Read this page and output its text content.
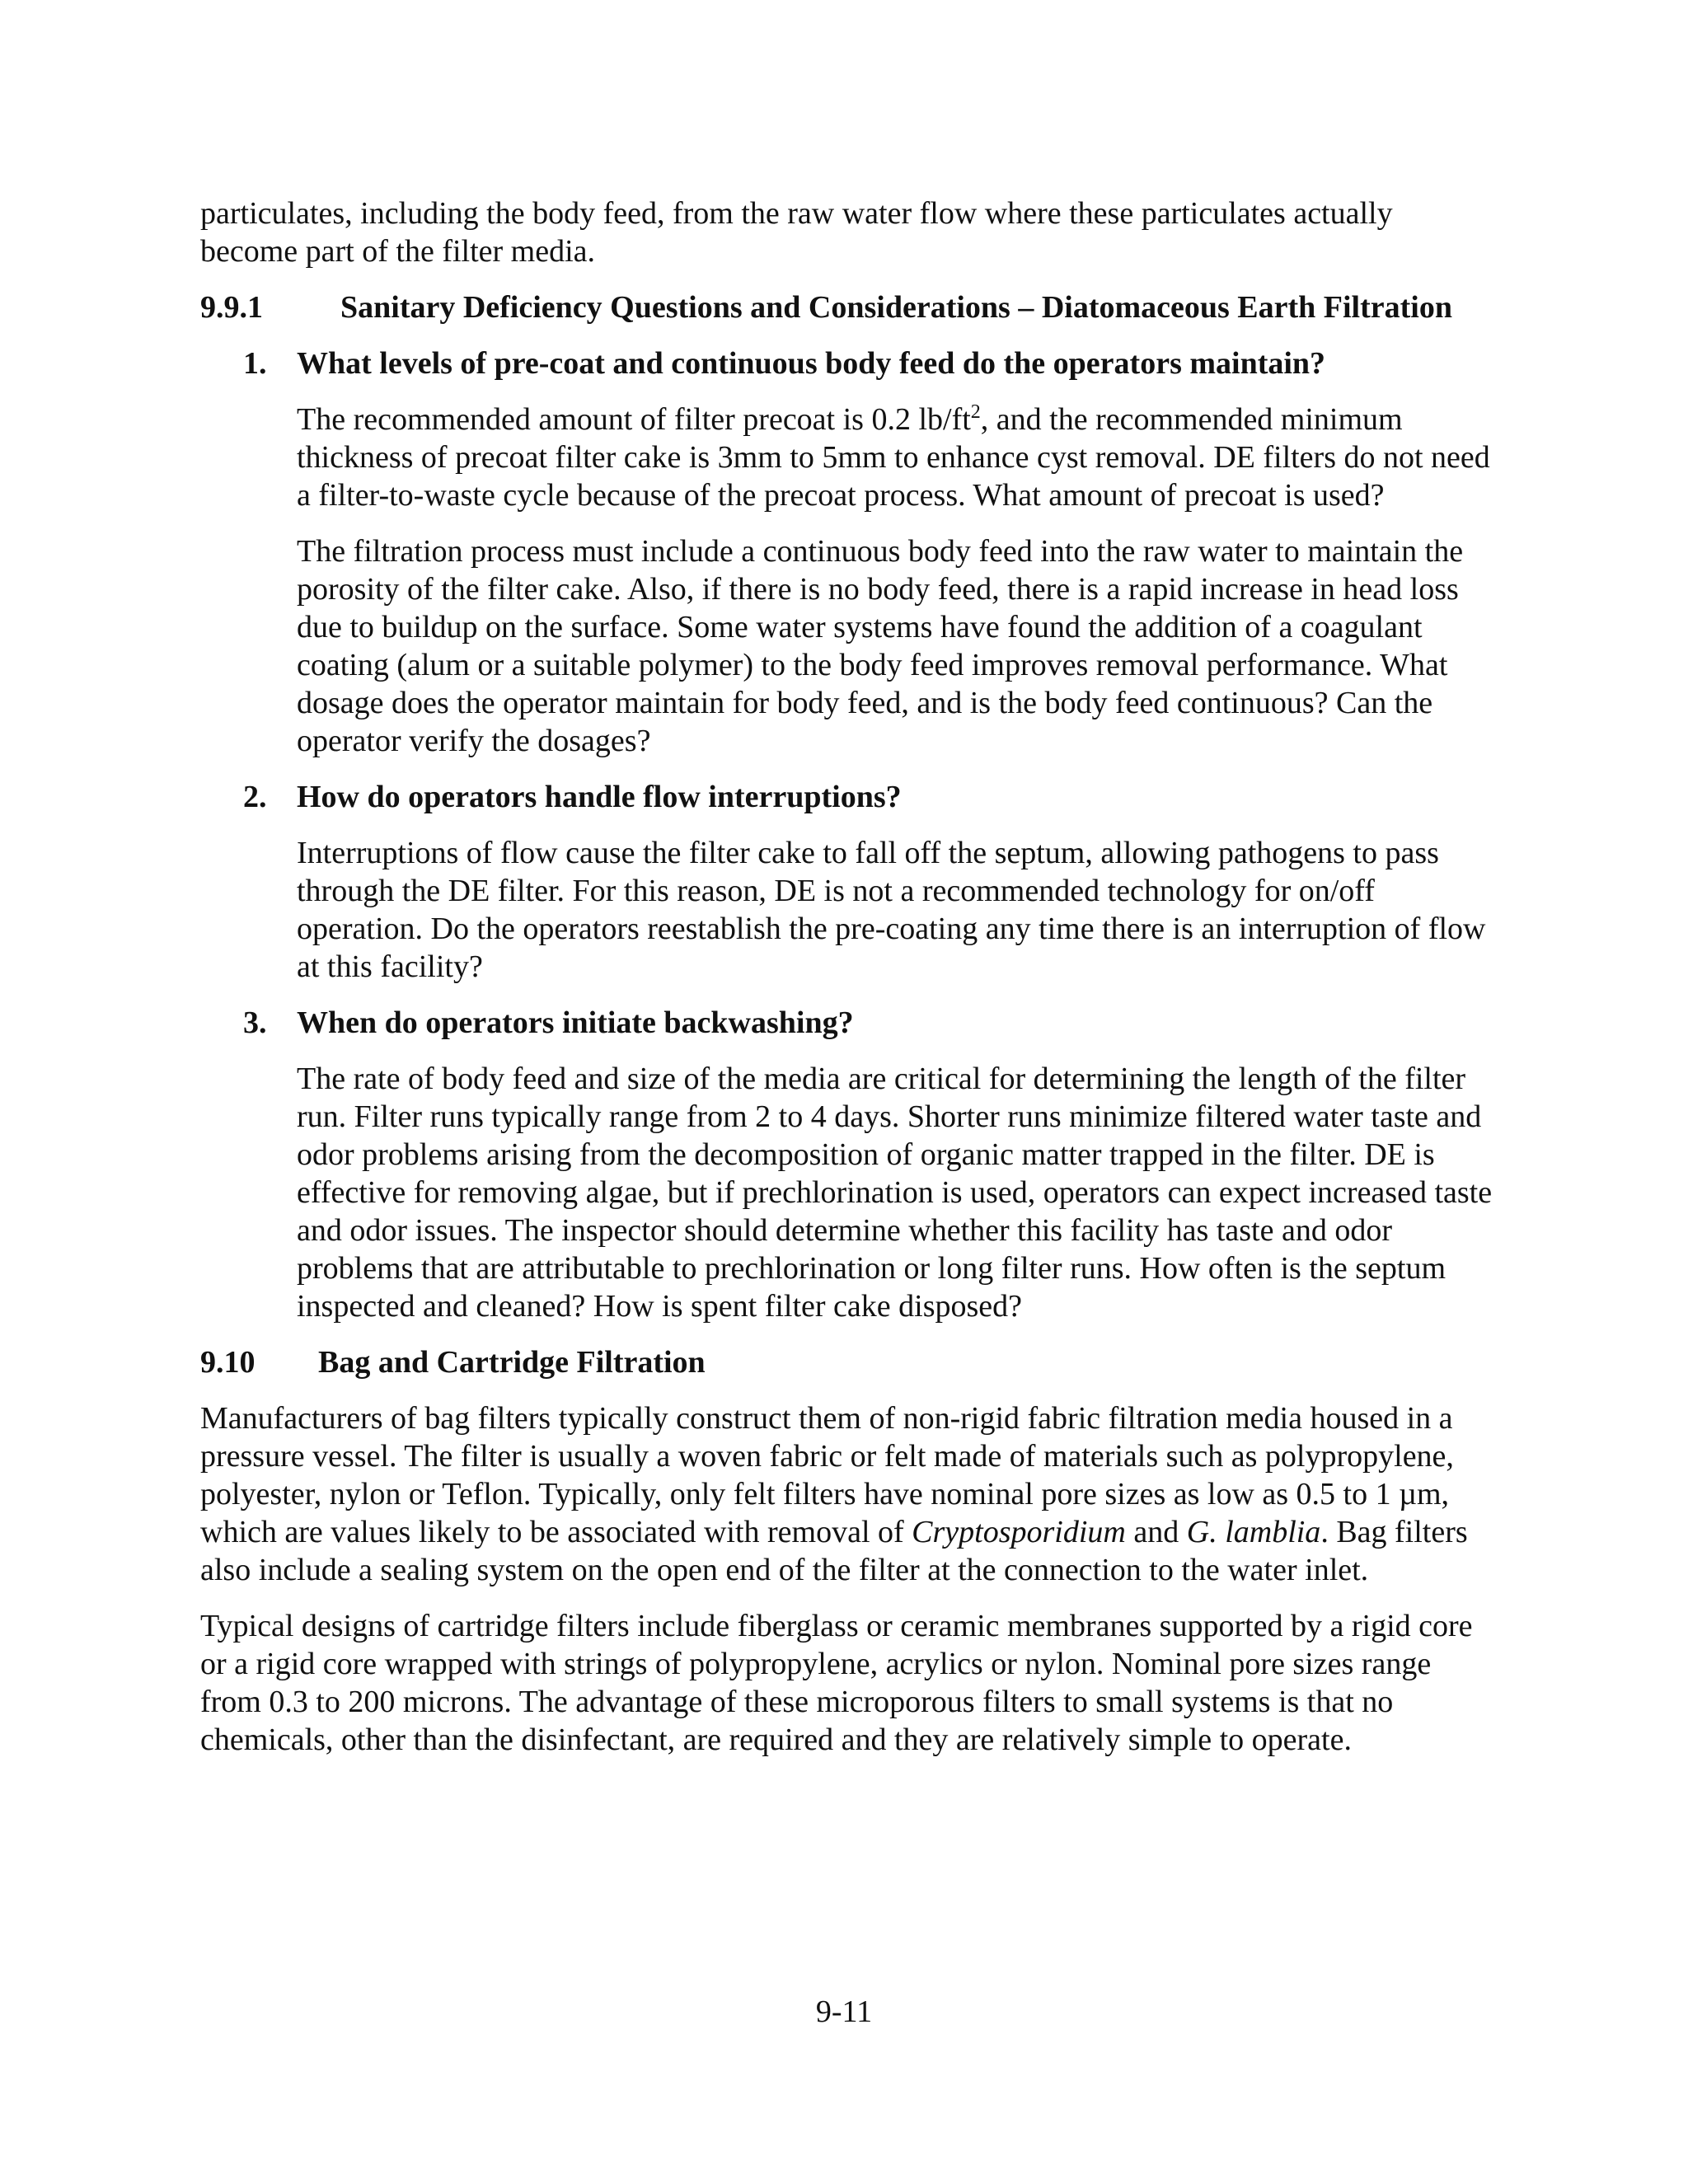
particulates, including the body feed, from the raw water flow where these particulates actually become part of the filter media.

9.9.1	Sanitary Deficiency Questions and Considerations – Diatomaceous Earth Filtration
1. What levels of pre-coat and continuous body feed do the operators maintain?

The recommended amount of filter precoat is 0.2 $lb/ft^2$, and the recommended minimum thickness of precoat filter cake is 3mm to 5mm to enhance cyst removal. DE filters do not need a filter-to-waste cycle because of the precoat process. What amount of precoat is used?

The filtration process must include a continuous body feed into the raw water to maintain the porosity of the filter cake. Also, if there is no body feed, there is a rapid increase in head loss due to buildup on the surface. Some water systems have found the addition of a coagulant coating (alum or a suitable polymer) to the body feed improves removal performance. What dosage does the operator maintain for body feed, and is the body feed continuous? Can the operator verify the dosages?

2. How do operators handle flow interruptions?

Interruptions of flow cause the filter cake to fall off the septum, allowing pathogens to pass through the DE filter. For this reason, DE is not a recommended technology for on/off operation. Do the operators reestablish the pre-coating any time there is an interruption of flow at this facility?

3. When do operators initiate backwashing?

The rate of body feed and size of the media are critical for determining the length of the filter run. Filter runs typically range from 2 to 4 days. Shorter runs minimize filtered water taste and odor problems arising from the decomposition of organic matter trapped in the filter. DE is effective for removing algae, but if prechlorination is used, operators can expect increased taste and odor issues. The inspector should determine whether this facility has taste and odor problems that are attributable to prechlorination or long filter runs. How often is the septum inspected and cleaned? How is spent filter cake disposed?

9.10	Bag and Cartridge Filtration

Manufacturers of bag filters typically construct them of non-rigid fabric filtration media housed in a pressure vessel. The filter is usually a woven fabric or felt made of materials such as polypropylene, polyester, nylon or Teflon. Typically, only felt filters have nominal pore sizes as low as 0.5 to 1 µm, which are values likely to be associated with removal of Cryptosporidium and G. lamblia. Bag filters also include a sealing system on the open end of the filter at the connection to the water inlet.

Typical designs of cartridge filters include fiberglass or ceramic membranes supported by a rigid core or a rigid core wrapped with strings of polypropylene, acrylics or nylon. Nominal pore sizes range from 0.3 to 200 microns. The advantage of these microporous filters to small systems is that no chemicals, other than the disinfectant, are required and they are relatively simple to operate.

9-11
